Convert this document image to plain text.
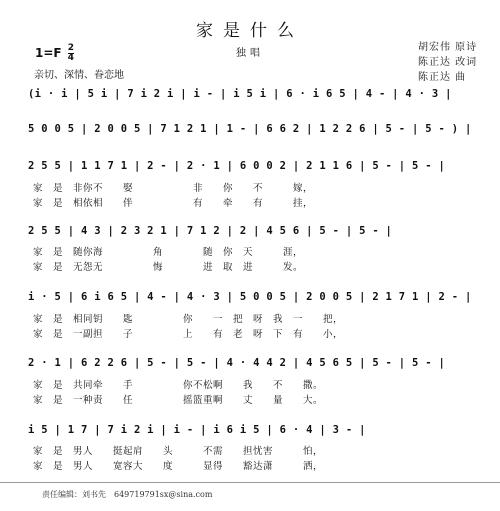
家是什么
独唱
$1=F \frac{2}{4}$
亲切、深情、眷恋地
胡宏伟 原诗
陈正达 改词
陈正达 曲
(i · i | 5 i | 7 i 2 i | i - | i 5 i | 6 · i 6 5 | 4 - | 4 · 3 |
5 0 0 5 | 2 0 0 5 | 7 1 2 1 | 1 - | 6 6 2 | 1 2 2 6 | 5 - | 5 - ) |
2 5 5 | 1 1 7 1 | 2 - | 2 · 1 | 6 0 0 2 | 2 1 1 6 | 5 - | 5 - |
家　是　非你不　　娶　　　　　　非　　你　　不　　　嫁，
家　是　相依相　　伴　　　　　　有　　牵　　有　　　挂，
2 5 5 | 4 3 | 2 3 2 1 | 7 1 2 | 2 | 4 5 6 | 5 - | 5 - |
家　是　随你海　　　　　角　　　　随　你　天　　　涯，
家　是　无怨无　　　　　悔　　　　进　取　进　　　发。
i · 5 | 6 i 6 5 | 4 - | 4 · 3 | 5 0 0 5 | 2 0 0 5 | 2 1 7 1 | 2 - |
家　是　相同钥　　匙　　　　　你　　一　把　呀　我　一　　把，
家　是　一副担　　子　　　　　上　　有　老　呀　下　有　　小，
2 · 1 | 6 2 2 6 | 5 - | 5 - | 4 · 4 4 2 | 4 5 6 5 | 5 - | 5 - |
家　是　共同牵　　手　　　　　你不松啊　　我　　不　　撒。
家　是　一种责　　任　　　　　摇篮重啊　　丈　　量　　大。
i 5 | 1 7 | 7 i 2 i | i - | i 6 i 5 | 6 · 4 | 3 - |
家　是　男人　　挺起肩　　头　　　不需　　担忧害　　　怕，
家　是　男人　　宽容大　　度　　　显得　　豁达潇　　　洒，
责任编辑：刘书先　649719791sx@sina.com
